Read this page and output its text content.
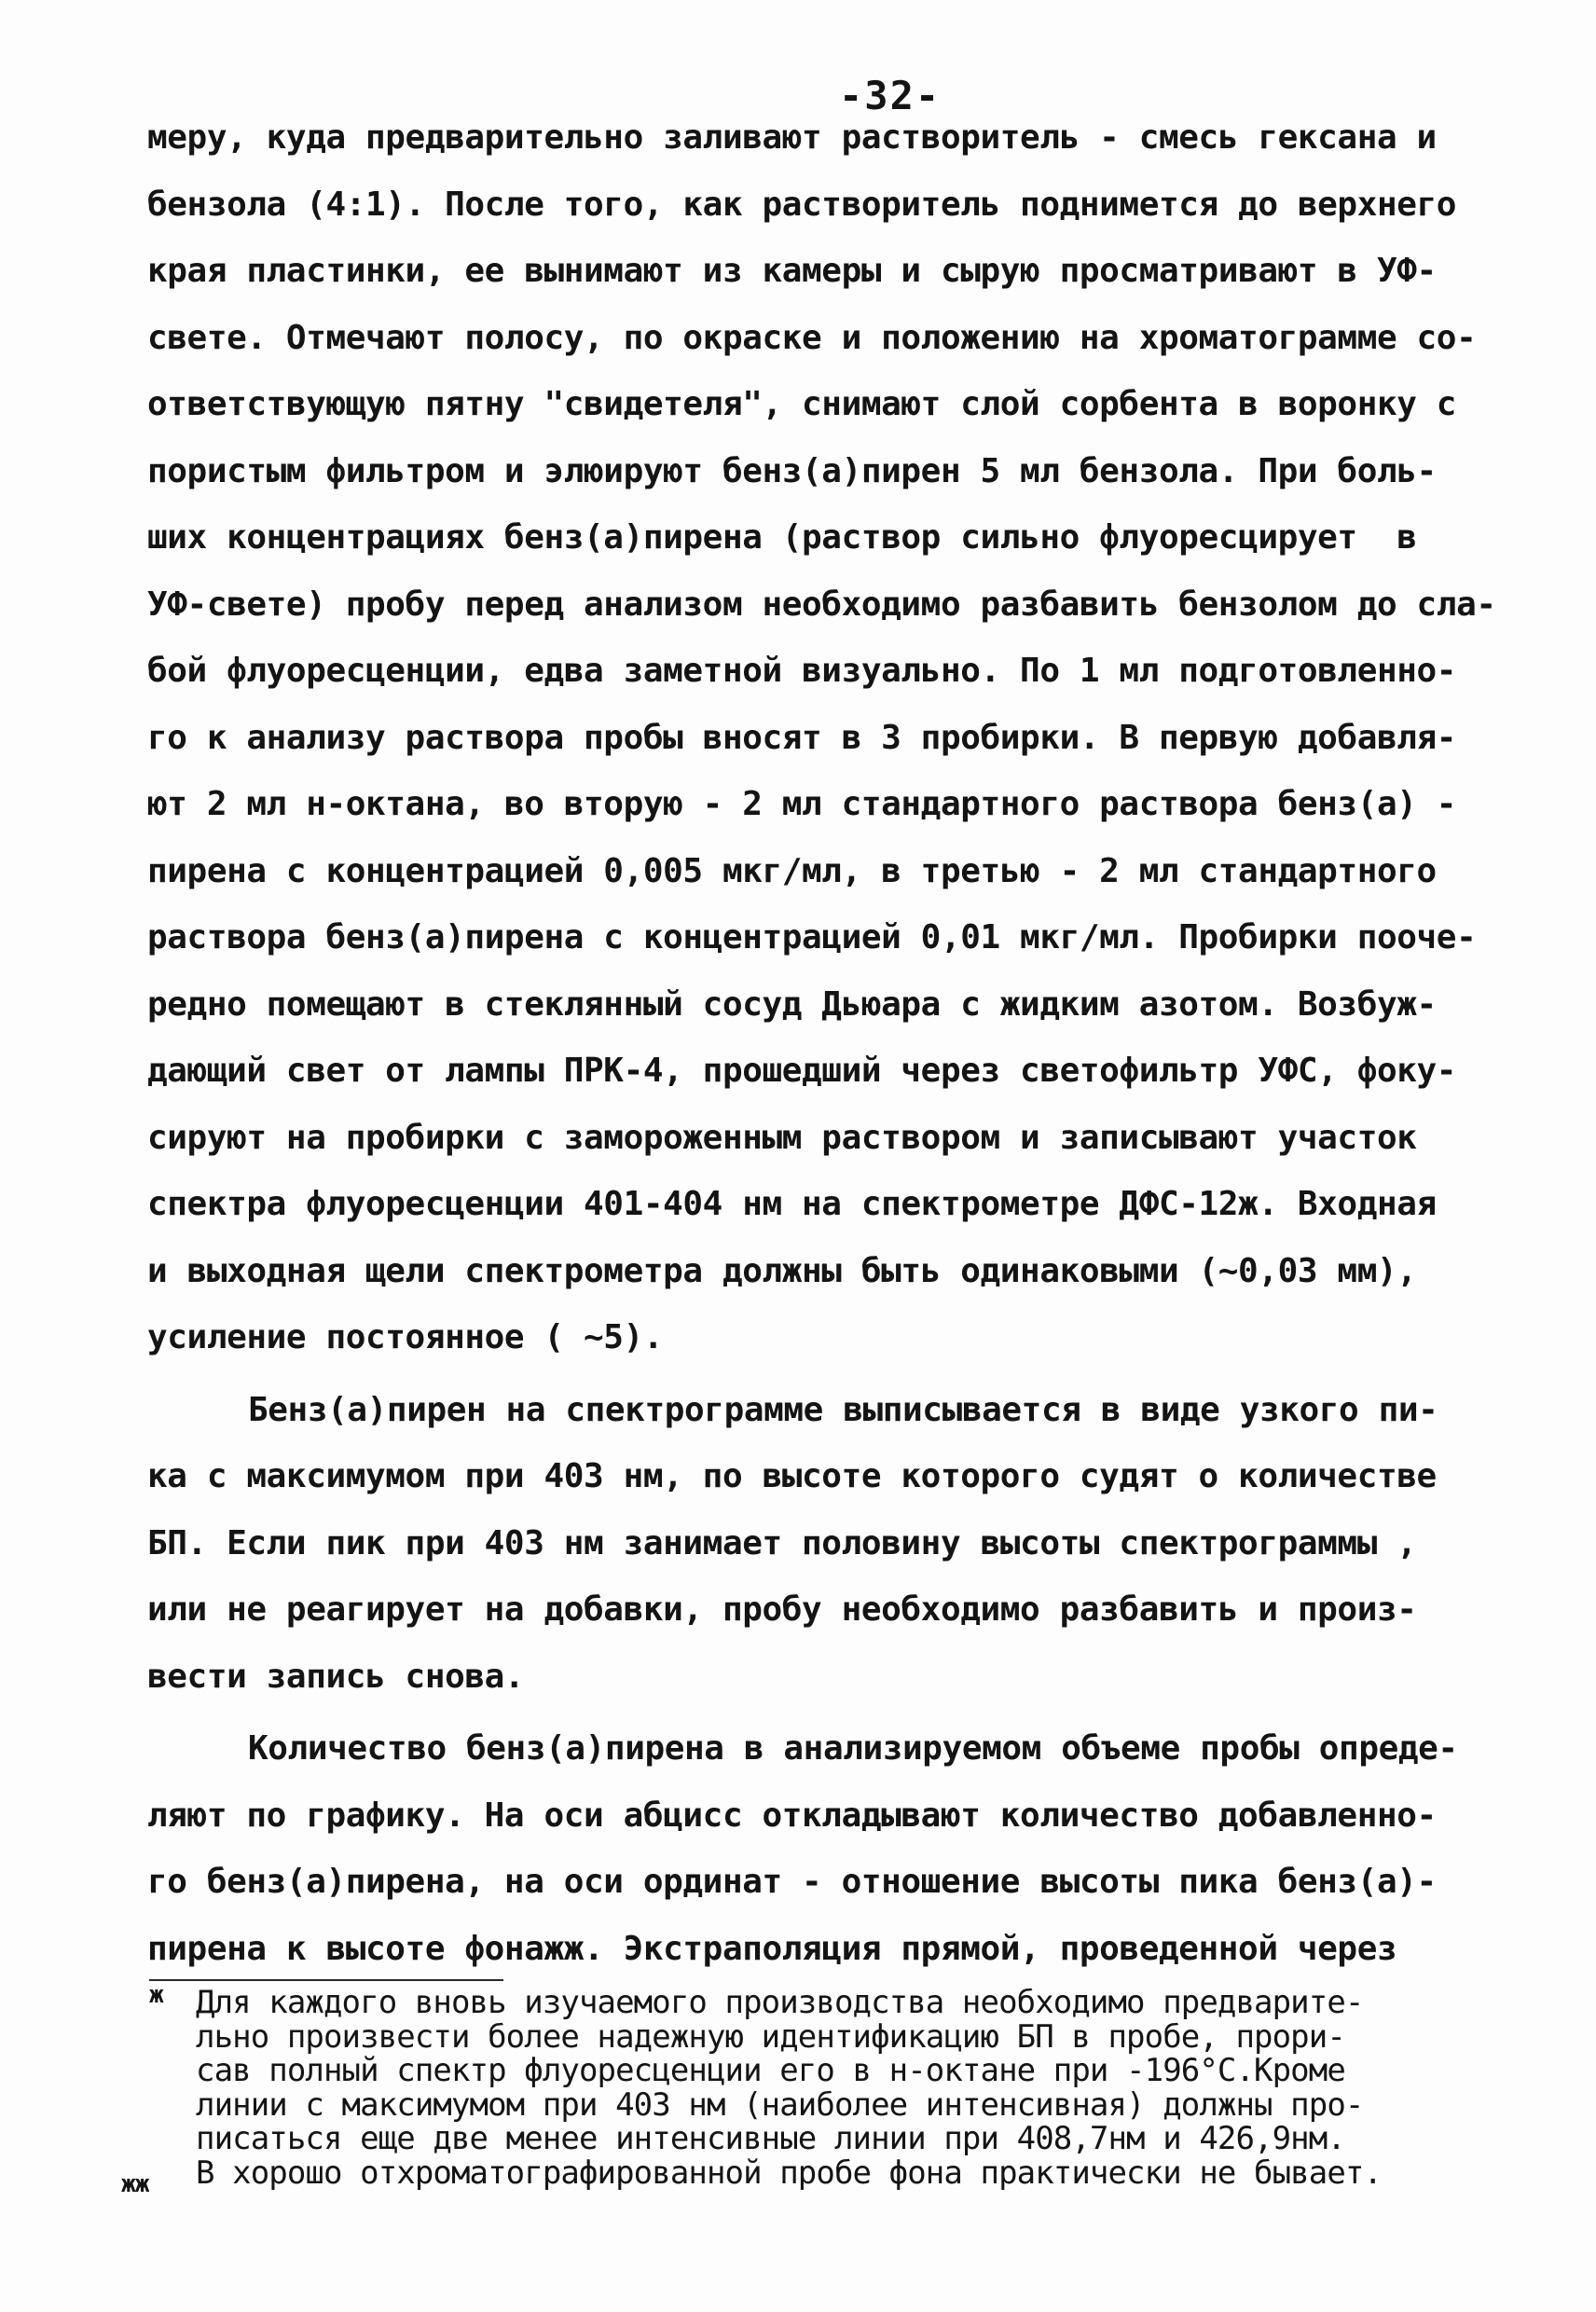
-32-
меру, куда предварительно заливают растворитель - смесь гексана и
бензола (4:1). После того, как растворитель поднимется до верхнего
края пластинки, ее вынимают из камеры и сырую просматривают в УФ-
свете. Отмечают полосу, по окраске и положению на хроматограмме со-
ответствующую пятну "свидетеля", снимают слой сорбента в воронку с
пористым фильтром и элюируют бенз(а)пирен 5 мл бензола. При боль-
ших концентрациях бенз(а)пирена (раствор сильно флуоресцирует  в
УФ-свете) пробу перед анализом необходимо разбавить бензолом до сла-
бой флуоресценции, едва заметной визуально. По 1 мл подготовленно-
го к анализу раствора пробы вносят в 3 пробирки. В первую добавля-
ют 2 мл н-октана, во вторую - 2 мл стандартного раствора бенз(а) -
пирена с концентрацией 0,005 мкг/мл, в третью - 2 мл стандартного
раствора бенз(а)пирена с концентрацией 0,01 мкг/мл. Пробирки пооче-
редно помещают в стеклянный сосуд Дьюара с жидким азотом. Возбуж-
дающий свет от лампы ПРК-4, прошедший через светофильтр УФС, фоку-
сируют на пробирки с замороженным раствором и записывают участок
спектра флуоресценции 401-404 нм на спектрометре ДФС-12ж. Входная
и выходная щели спектрометра должны быть одинаковыми (~0,03 мм),
усиление постоянное ( ~5).
Бенз(а)пирен на спектрограмме выписывается в виде узкого пи-
ка с максимумом при 403 нм, по высоте которого судят о количестве
БП. Если пик при 403 нм занимает половину высоты спектрограммы ,
или не реагирует на добавки, пробу необходимо разбавить и произ-
вести запись снова.
Количество бенз(а)пирена в анализируемом объеме пробы опреде-
ляют по графику. На оси абцисс откладывают количество добавленно-
го бенз(а)пирена, на оси ординат - отношение высоты пика бенз(а)-
пирена к высоте фонажж. Экстраполяция прямой, проведенной через
ж Для каждого вновь изучаемого производства необходимо предварите-
льно произвести более надежную идентификацию БП в пробе, прopи-
сав полный спектр флуоресценции его в н-октане при -196°С.Кроме
линии с максимумом при 403 нм (наиболее интенсивная) должны про-
писаться еще две менее интенсивные линии при 408,7нм и 426,9нм.
жж В хорошо отхроматографированной пробе фона практически не бывает.
